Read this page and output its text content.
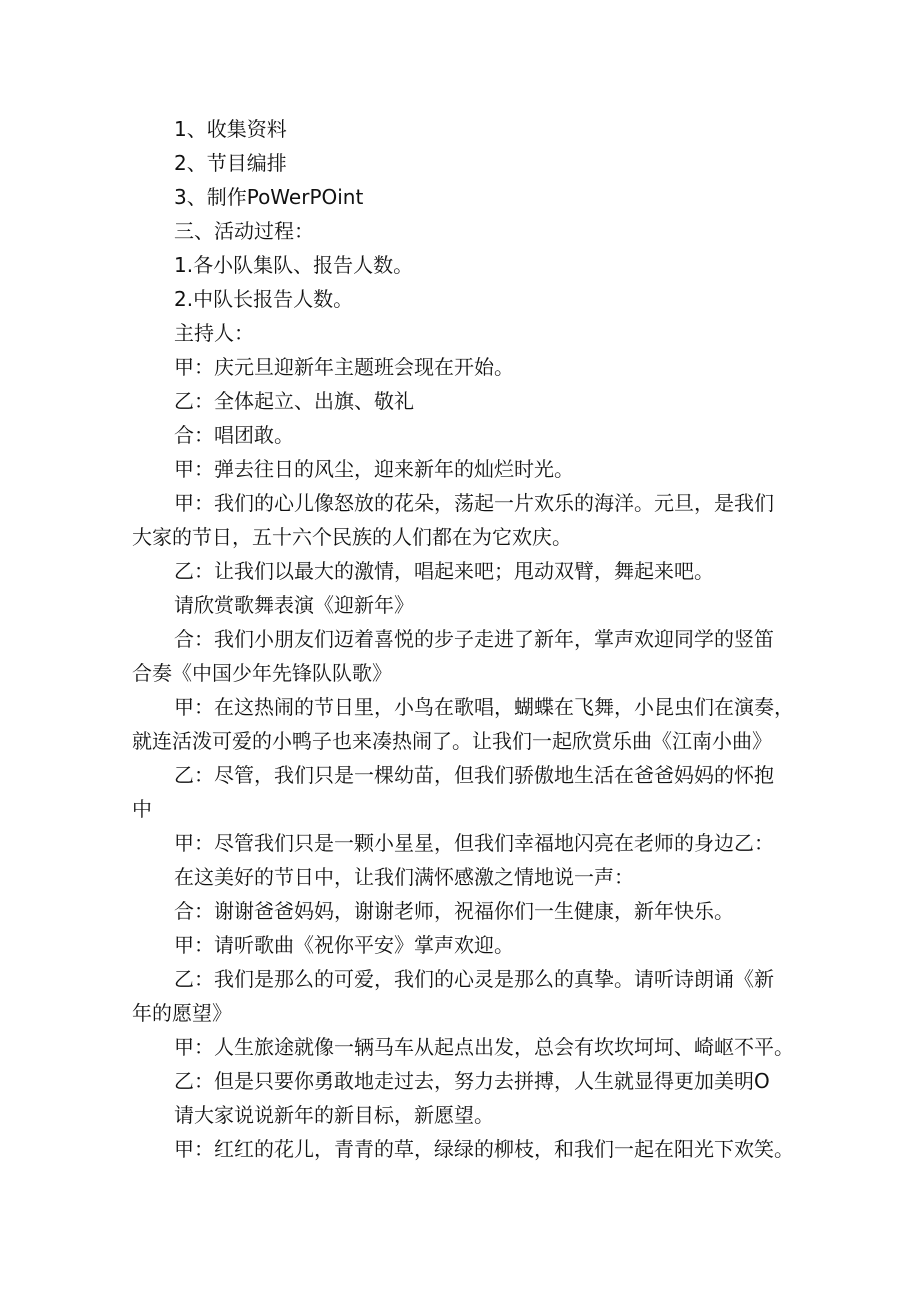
1、收集资料
2、节目编排
3、制作PoWerPOint
三、活动过程：
1.各小队集队、报告人数。
2.中队长报告人数。
主持人：
甲：庆元旦迎新年主题班会现在开始。
乙：全体起立、出旗、敬礼
合：唱团敢。
甲：弹去往日的风尘，迎来新年的灿烂时光。
甲：我们的心儿像怒放的花朵，荡起一片欢乐的海洋。元旦，是我们
大家的节日，五十六个民族的人们都在为它欢庆。
乙：让我们以最大的激情，唱起来吧；甩动双臂，舞起来吧。
请欣赏歌舞表演《迎新年》
合：我们小朋友们迈着喜悦的步子走进了新年，掌声欢迎同学的竖笛
合奏《中国少年先锋队队歌》
甲：在这热闹的节日里，小鸟在歌唱，蝴蝶在飞舞，小昆虫们在演奏，
就连活泼可爱的小鸭子也来凑热闹了。让我们一起欣赏乐曲《江南小曲》
乙：尽管，我们只是一棵幼苗，但我们骄傲地生活在爸爸妈妈的怀抱
中
甲：尽管我们只是一颗小星星，但我们幸福地闪亮在老师的身边乙：
在这美好的节日中，让我们满怀感激之情地说一声：
合：谢谢爸爸妈妈，谢谢老师，祝福你们一生健康，新年快乐。
甲：请听歌曲《祝你平安》掌声欢迎。
乙：我们是那么的可爱，我们的心灵是那么的真挚。请听诗朗诵《新
年的愿望》
甲：人生旅途就像一辆马车从起点出发，总会有坎坎坷坷、崎岖不平。
乙：但是只要你勇敢地走过去，努力去拼搏，人生就显得更加美明O
请大家说说新年的新目标，新愿望。
甲：红红的花儿，青青的草，绿绿的柳枝，和我们一起在阳光下欢笑。
